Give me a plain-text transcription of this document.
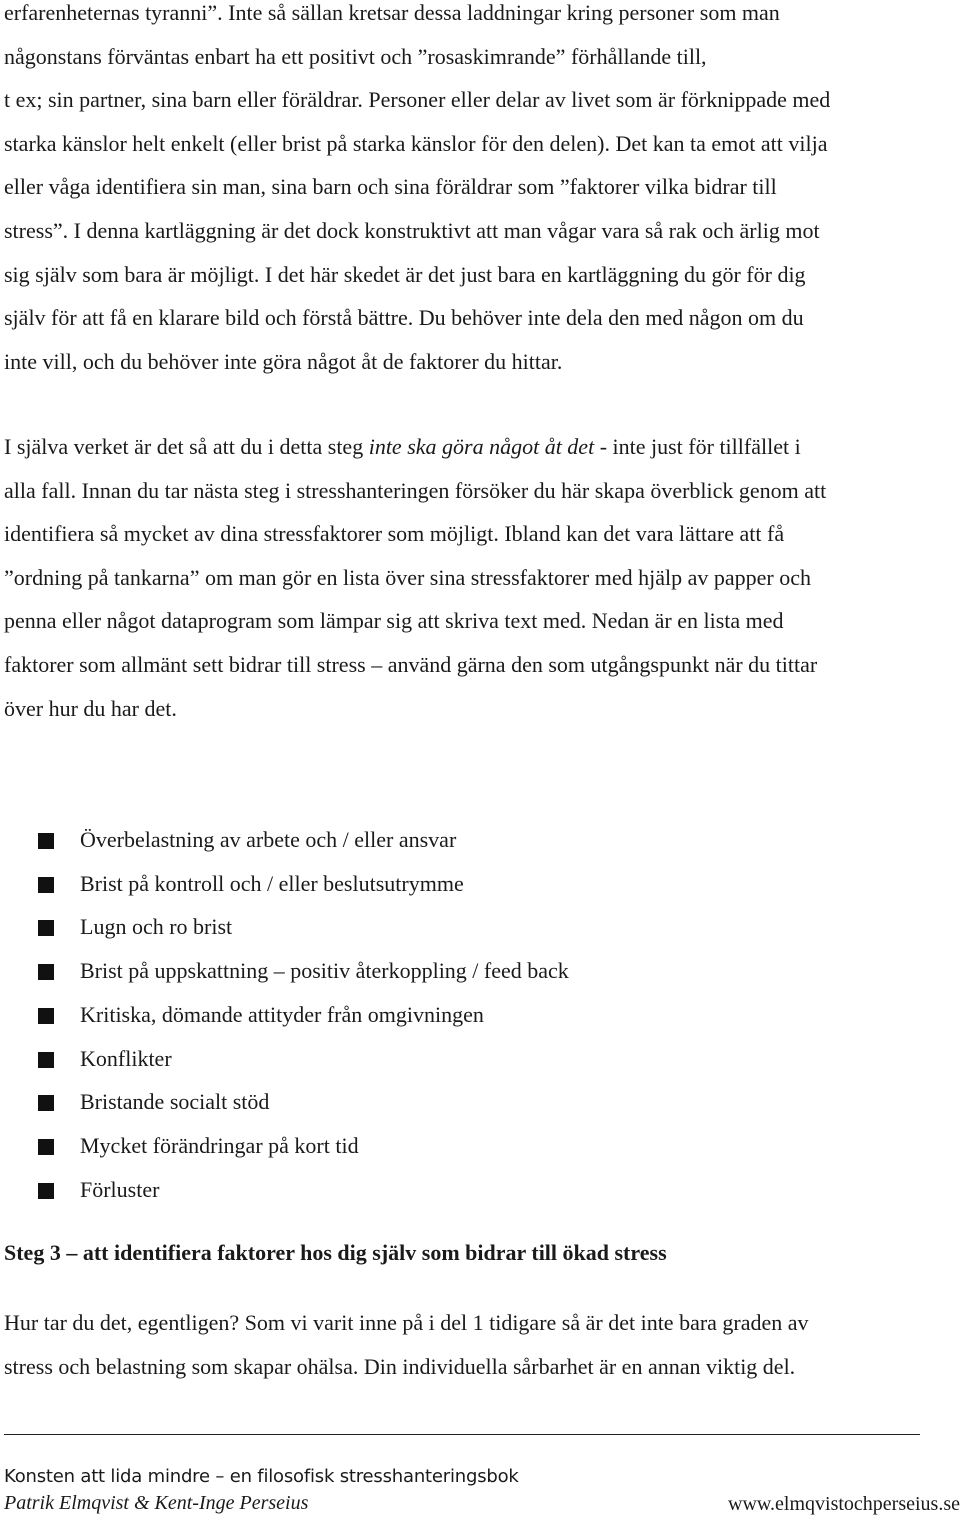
erfarenheternas tyranni”. Inte så sällan kretsar dessa laddningar kring personer som man
någonstans förväntas enbart ha ett positivt och ”rosaskimrande” förhållande till,
t ex; sin partner, sina barn eller föräldrar. Personer eller delar av livet som är förknippade med
starka känslor helt enkelt (eller brist på starka känslor för den delen). Det kan ta emot att vilja
eller våga identifiera sin man, sina barn och sina föräldrar som ”faktorer vilka bidrar till
stress”. I denna kartläggning är det dock konstruktivt att man vågar vara så rak och ärlig mot
sig själv som bara är möjligt. I det här skedet är det just bara en kartläggning du gör för dig
själv för att få en klarare bild och förstå bättre. Du behöver inte dela den med någon om du
inte vill, och du behöver inte göra något åt de faktorer du hittar.
I själva verket är det så att du i detta steg inte ska göra något åt det - inte just för tillfället i
alla fall. Innan du tar nästa steg i stresshanteringen försöker du här skapa överblick genom att
identifiera så mycket av dina stressfaktorer som möjligt. Ibland kan det vara lättare att få
”ordning på tankarna” om man gör en lista över sina stressfaktorer med hjälp av papper och
penna eller något dataprogram som lämpar sig att skriva text med. Nedan är en lista med
faktorer som allmänt sett bidrar till stress – använd gärna den som utgångspunkt när du tittar
över hur du har det.
Överbelastning av arbete och / eller ansvar
Brist på kontroll och / eller beslutsutrymme
Lugn och ro brist
Brist på uppskattning – positiv återkoppling / feed back
Kritiska, dömande attityder från omgivningen
Konflikter
Bristande socialt stöd
Mycket förändringar på kort tid
Förluster
Steg 3 – att identifiera faktorer hos dig själv som bidrar till ökad stress
Hur tar du det, egentligen? Som vi varit inne på i del 1 tidigare så är det inte bara graden av
stress och belastning som skapar ohälsa. Din individuella sårbarhet är en annan viktig del.

Konsten att lida mindre – en filosofisk stresshanteringsbok

Patrik Elmqvist & Kent-Inge Perseius	www.elmqvistochperseius.se
